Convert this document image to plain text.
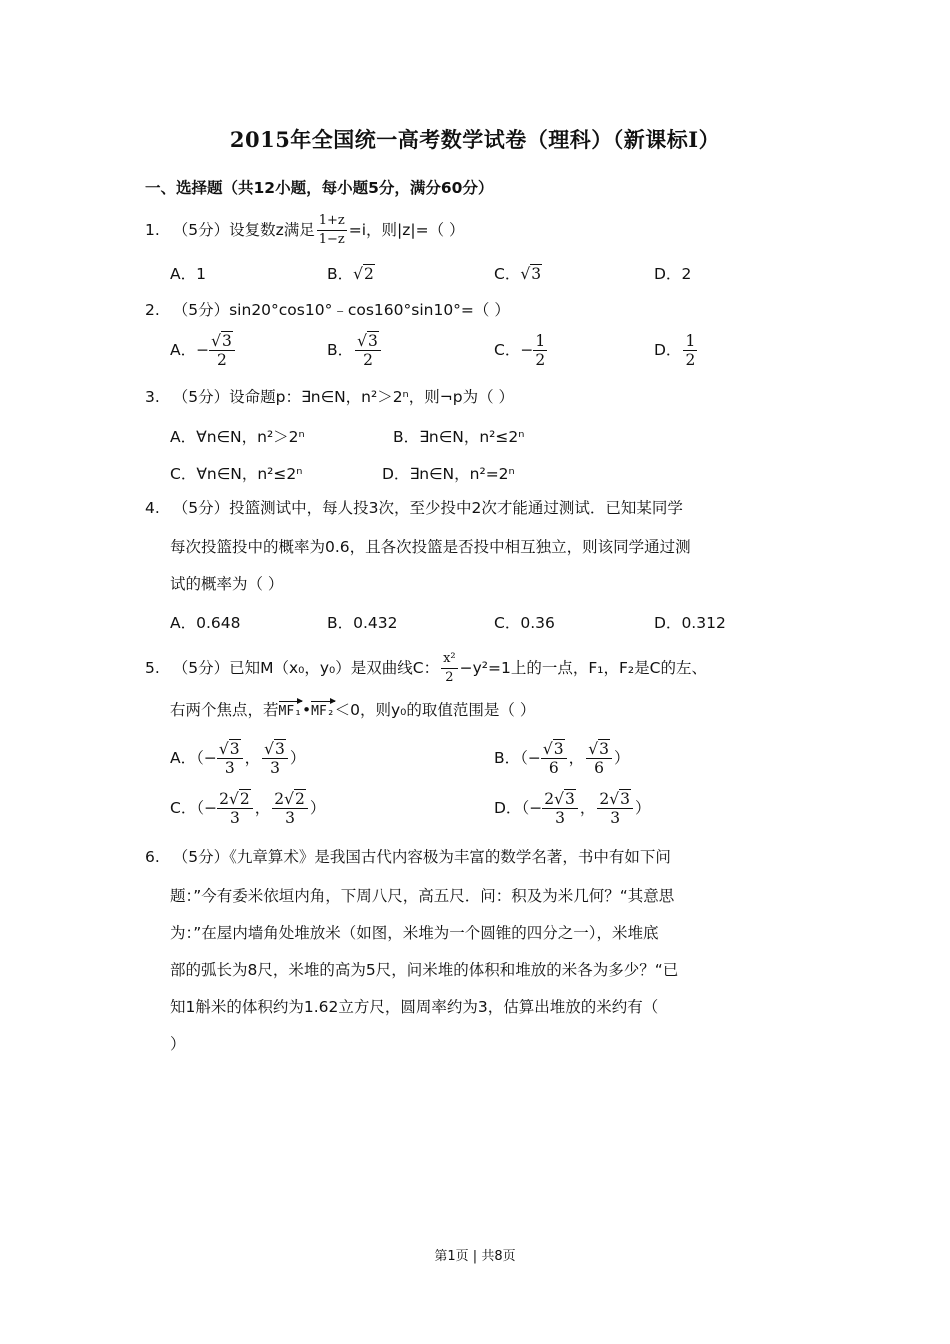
2015年全国统一高考数学试卷（理科）（新课标Ⅰ）
一、选择题（共12小题，每小题5分，满分60分）
1. （5分）设复数z满足 $\frac{1+z}{1-z} =i$，则|z|=（ ）
A．1	B．√2	C．√3	D．2
2. （5分）sin20°cos10°﹣cos160°sin10°=（ ）
A．− $\frac{√3}{2}$	B． $\frac{√3}{2}$	C．− $\frac{1}{2}$	D． $\frac{1}{2}$
3. （5分）设命题p：∃n∈N，n²＞2ⁿ，则¬p为（ ）
A．∀n∈N，n²＞2ⁿ	B．∃n∈N，n²≤2ⁿ
C．∀n∈N，n²≤2ⁿ	D．∃n∈N，n²=2ⁿ
4. （5分）投篮测试中，每人投3次，至少投中2次才能通过测试．已知某同学
每次投篮投中的概率为0.6，且各次投篮是否投中相互独立，则该同学通过测
试的概率为（ ）
A．0.648	B．0.432	C．0.36	D．0.312
5. （5分）已知M（x₀，y₀）是双曲线C： $\frac{\text{x²}}{2} -y^2=1$上的一点，F₁，F₂是C的左、
右两个焦点，若MF₁•MF₂＜0，则y₀的取值范围是（ ）
A．（− $\frac{√3}{3}$ ， $\frac{√3}{3}$ ）	B．（− $\frac{√3}{6}$ ， $\frac{√3}{6}$ ）
C．（− $\frac{2√2}{3}$ ， $\frac{2√2}{3}$ ）	D．（− $\frac{2√3}{3}$ ， $\frac{2√3}{3}$ ）
6. （5分）《九章算术》是我国古代内容极为丰富的数学名著，书中有如下问
题：”今有委米依垣内角，下周八尺，高五尺．问：积及为米几何？“其意思
为：”在屋内墙角处堆放米（如图，米堆为一个圆锥的四分之一），米堆底
部的弧长为8尺，米堆的高为5尺，问米堆的体积和堆放的米各为多少？“已
知1斛米的体积约为1.62立方尺，圆周率约为3，估算出堆放的米约有（
）
第1页 | 共8页
